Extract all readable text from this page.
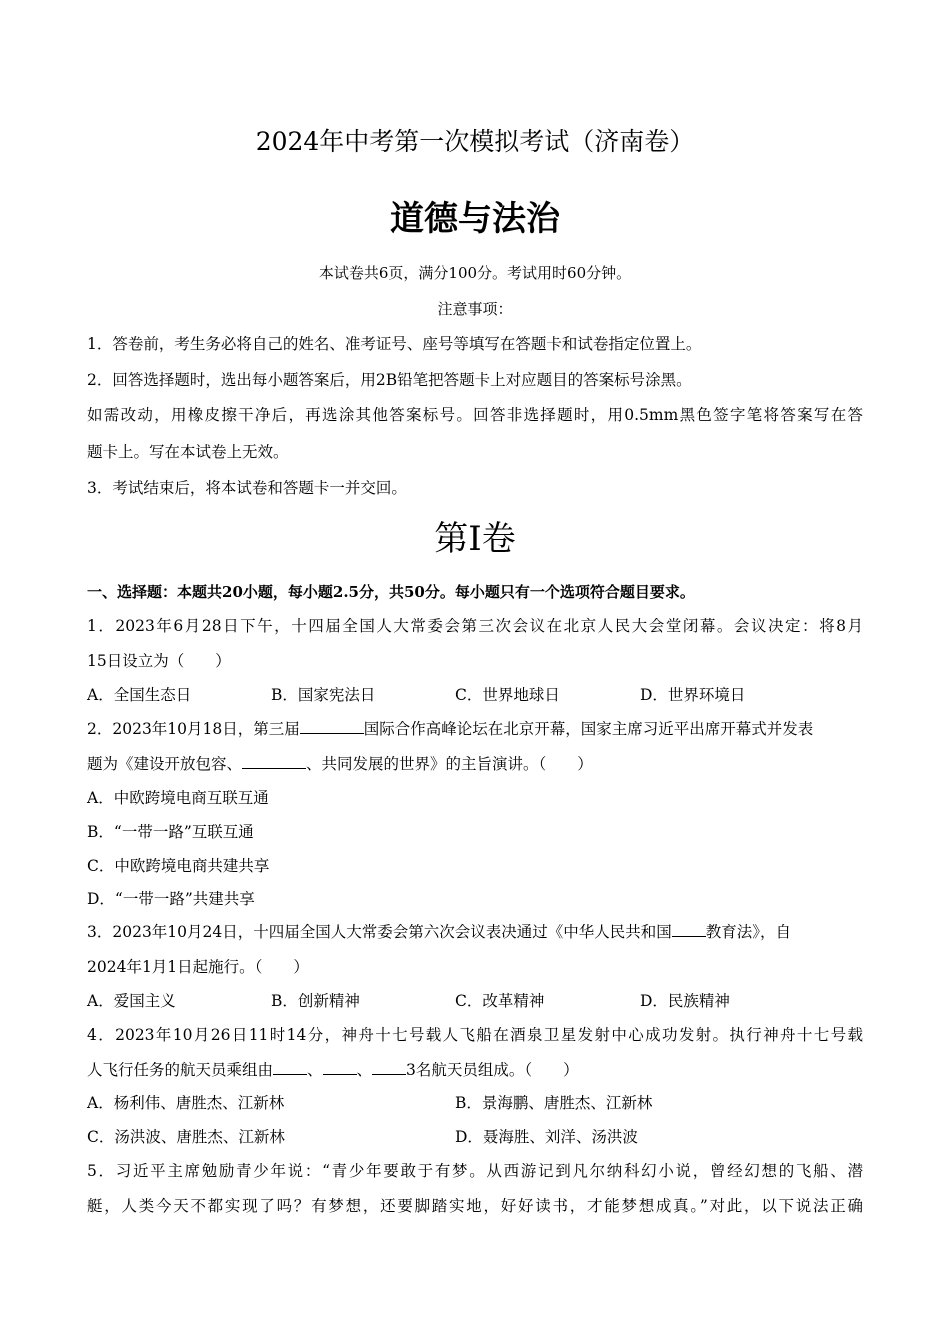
2024年中考第一次模拟考试（济南卷）
道德与法治
本试卷共6页，满分100分。考试用时60分钟。
注意事项：
1．答卷前，考生务必将自己的姓名、准考证号、座号等填写在答题卡和试卷指定位置上。
2．回答选择题时，选出每小题答案后，用2B铅笔把答题卡上对应题目的答案标号涂黑。
如需改动，用橡皮擦干净后，再选涂其他答案标号。回答非选择题时，用0.5mm黑色签字笔将答案写在答
题卡上。写在本试卷上无效。
3．考试结束后，将本试卷和答题卡一并交回。
第Ⅰ卷
一、选择题：本题共20小题，每小题2.5分，共50分。每小题只有一个选项符合题目要求。
1．2023年6月28日下午，十四届全国人大常委会第三次会议在北京人民大会堂闭幕。会议决定：将8月
15日设立为（　　）
A．全国生态日	B．国家宪法日	C．世界地球日	D．世界环境日
2．2023年10月18日，第三届	国际合作高峰论坛在北京开幕，国家主席习近平出席开幕式并发表
题为《建设开放包容、	、共同发展的世界》的主旨演讲。（　　）
A．中欧跨境电商互联互通
B．“一带一路”互联互通
C．中欧跨境电商共建共享
D．“一带一路”共建共享
3．2023年10月24日，十四届全国人大常委会第六次会议表决通过《中华人民共和国 教育法》，自
2024年1月1日起施行。（　　）
A．爱国主义	B．创新精神	C．改革精神	D．民族精神
4．2023年10月26日11时14分，神舟十七号载人飞船在酒泉卫星发射中心成功发射。执行神舟十七号载
人飞行任务的航天员乘组由 、 、 3名航天员组成。（　　）
A．杨利伟、唐胜杰、江新林	B．景海鹏、唐胜杰、江新林
C．汤洪波、唐胜杰、江新林	D．聂海胜、刘洋、汤洪波
5．习近平主席勉励青少年说：“青少年要敢于有梦。从西游记到凡尔纳科幻小说，曾经幻想的飞船、潜
艇，人类今天不都实现了吗？有梦想，还要脚踏实地，好好读书，才能梦想成真。”对此，以下说法正确
